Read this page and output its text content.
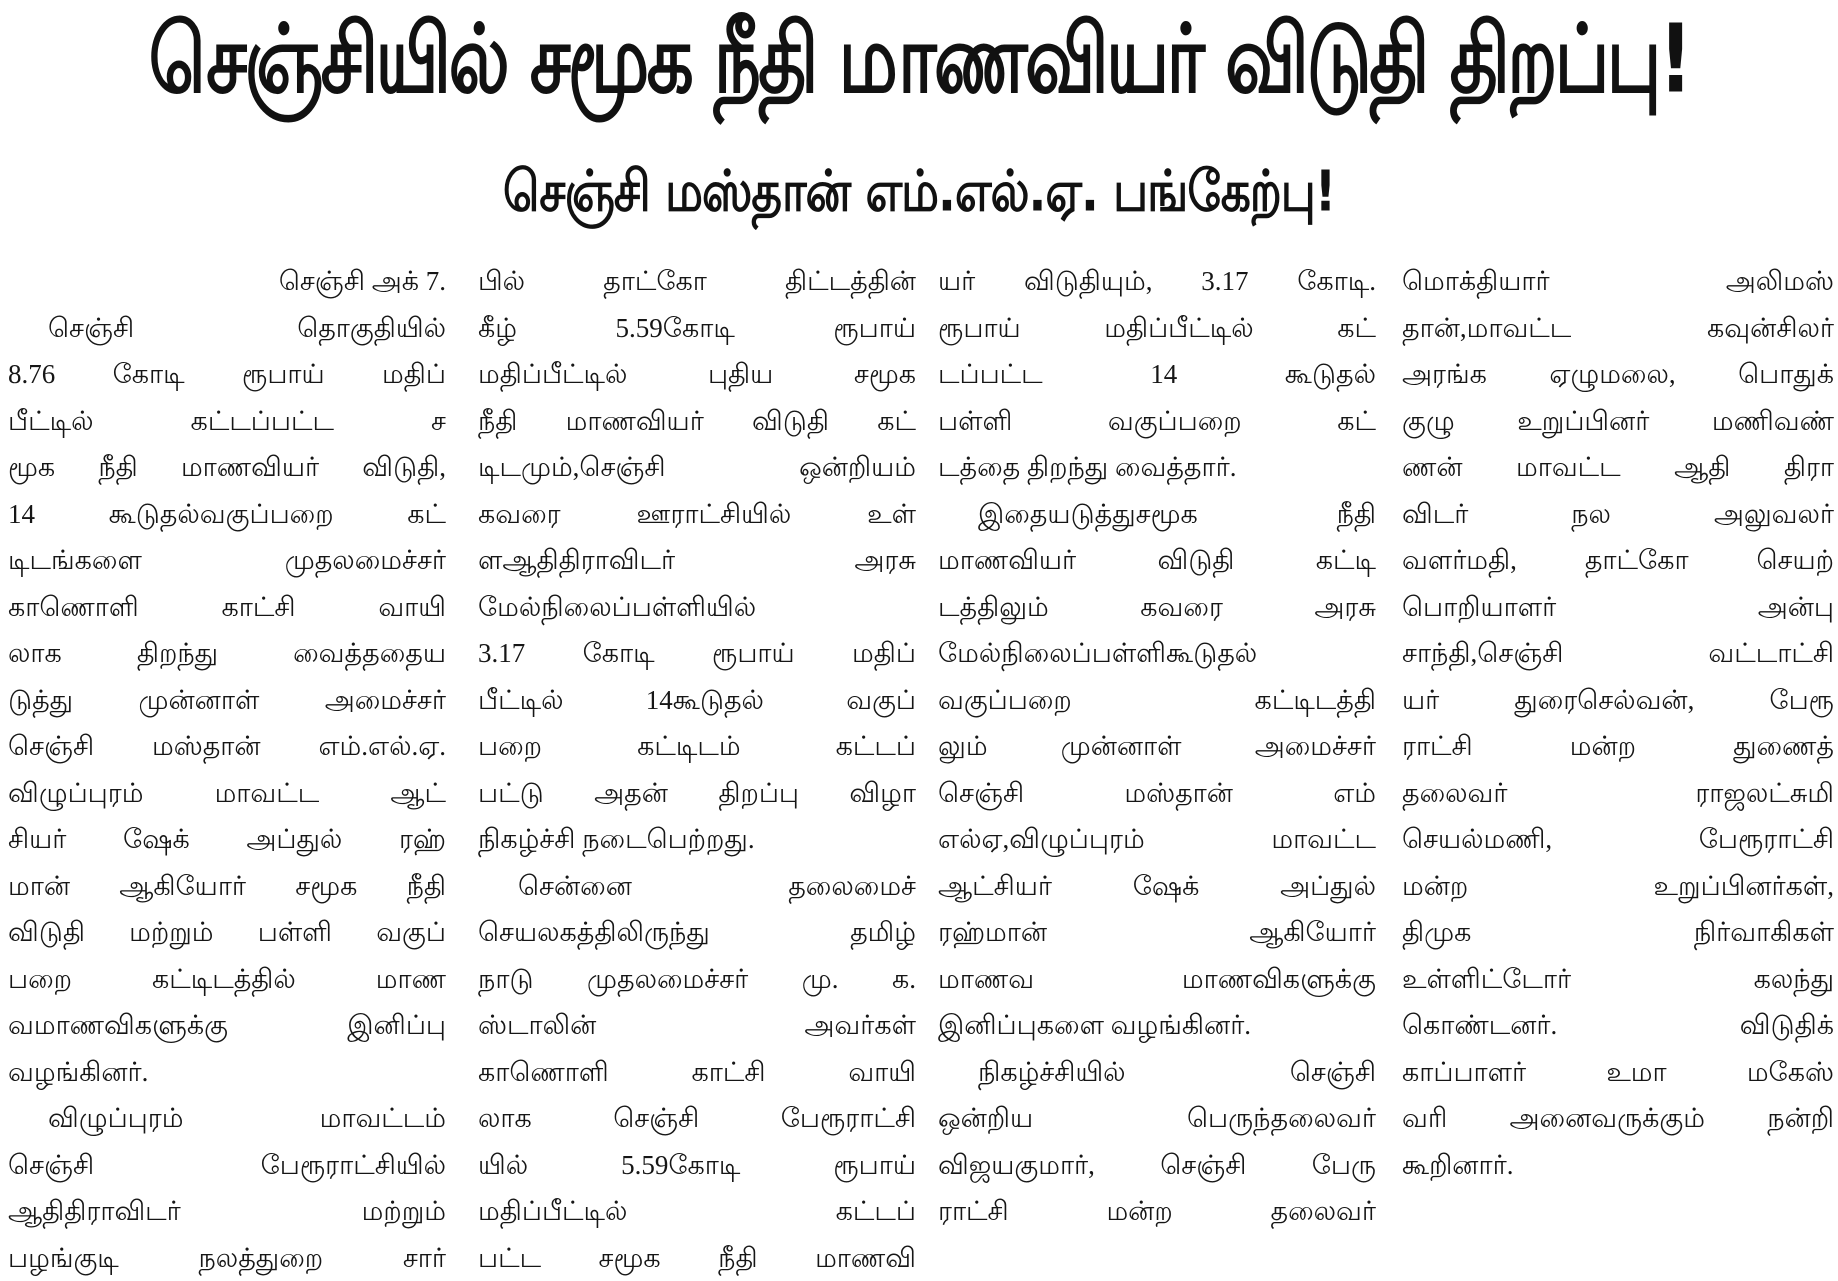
செஞ்சியில் சமூக நீதி மாணவியர் விடுதி திறப்பு!
செஞ்சி மஸ்தான் எம்.எல்.ஏ. பங்கேற்பு!
செஞ்சி அக் 7.
செஞ்சி தொகுதியில்
8.76 கோடி ரூபாய் மதிப்
பீட்டில் கட்டப்பட்ட ச
மூக நீதி மாணவியர் விடுதி,
14 கூடுதல்வகுப்பறை கட்
டிடங்களை முதலமைச்சர்
காணொளி காட்சி வாயி
லாக திறந்து வைத்ததைய
டுத்து முன்னாள் அமைச்சர்
செஞ்சி மஸ்தான் எம்.எல்.ஏ.
விழுப்புரம் மாவட்ட ஆட்
சியர் ஷேக் அப்துல் ரஹ்
மான் ஆகியோர் சமூக நீதி
விடுதி மற்றும் பள்ளி வகுப்
பறை கட்டிடத்தில் மாண
வமாணவிகளுக்கு இனிப்பு
வழங்கினர்.
விழுப்புரம் மாவட்டம்
செஞ்சி பேரூராட்சியில்
ஆதிதிராவிடர் மற்றும்
பழங்குடி நலத்துறை சார்
பில் தாட்கோ திட்டத்தின்
கீழ் 5.59கோடி ரூபாய்
மதிப்பீட்டில் புதிய சமூக
நீதி மாணவியர் விடுதி கட்
டிடமும்,செஞ்சி ஒன்றியம்
கவரை ஊராட்சியில் உள்
ளஆதிதிராவிடர் அரசு
மேல்நிலைப்பள்ளியில்
3.17 கோடி ரூபாய் மதிப்
பீட்டில் 14கூடுதல் வகுப்
பறை கட்டிடம் கட்டப்
பட்டு அதன் திறப்பு விழா
நிகழ்ச்சி நடைபெற்றது.
சென்னை தலைமைச்
செயலகத்திலிருந்து தமிழ்
நாடு முதலமைச்சர் மு. க.
ஸ்டாலின் அவர்கள்
காணொளி காட்சி வாயி
லாக செஞ்சி பேரூராட்சி
யில் 5.59கோடி ரூபாய்
மதிப்பீட்டில் கட்டப்
பட்ட சமூக நீதி மாணவி
யர் விடுதியும், 3.17 கோடி.
ரூபாய் மதிப்பீட்டில் கட்
டப்பட்ட 14 கூடுதல்
பள்ளி வகுப்பறை கட்
டத்தை திறந்து வைத்தார்.
இதையடுத்துசமூக நீதி
மாணவியர் விடுதி கட்டி
டத்திலும் கவரை அரசு
மேல்நிலைப்பள்ளிகூடுதல்
வகுப்பறை கட்டிடத்தி
லும் முன்னாள் அமைச்சர்
செஞ்சி மஸ்தான் எம்
எல்ஏ,விழுப்புரம் மாவட்ட
ஆட்சியர் ஷேக் அப்துல்
ரஹ்மான் ஆகியோர்
மாணவ மாணவிகளுக்கு
இனிப்புகளை வழங்கினர்.
நிகழ்ச்சியில் செஞ்சி
ஒன்றிய பெருந்தலைவர்
விஜயகுமார், செஞ்சி பேரு
ராட்சி மன்ற தலைவர்
மொக்தியார் அலிமஸ்
தான்,மாவட்ட கவுன்சிலர்
அரங்க ஏழுமலை, பொதுக்
குழு உறுப்பினர் மணிவண்
ணன் மாவட்ட ஆதி திரா
விடர் நல அலுவலர்
வளர்மதி, தாட்கோ செயற்
பொறியாளர் அன்பு
சாந்தி,செஞ்சி வட்டாட்சி
யர் துரைசெல்வன், பேரூ
ராட்சி மன்ற துணைத்
தலைவர் ராஜலட்சுமி
செயல்மணி, பேரூராட்சி
மன்ற உறுப்பினர்கள்,
திமுக நிர்வாகிகள்
உள்ளிட்டோர் கலந்து
கொண்டனர். விடுதிக்
காப்பாளர் உமா மகேஸ்
வரி அனைவருக்கும் நன்றி
கூறினார்.
